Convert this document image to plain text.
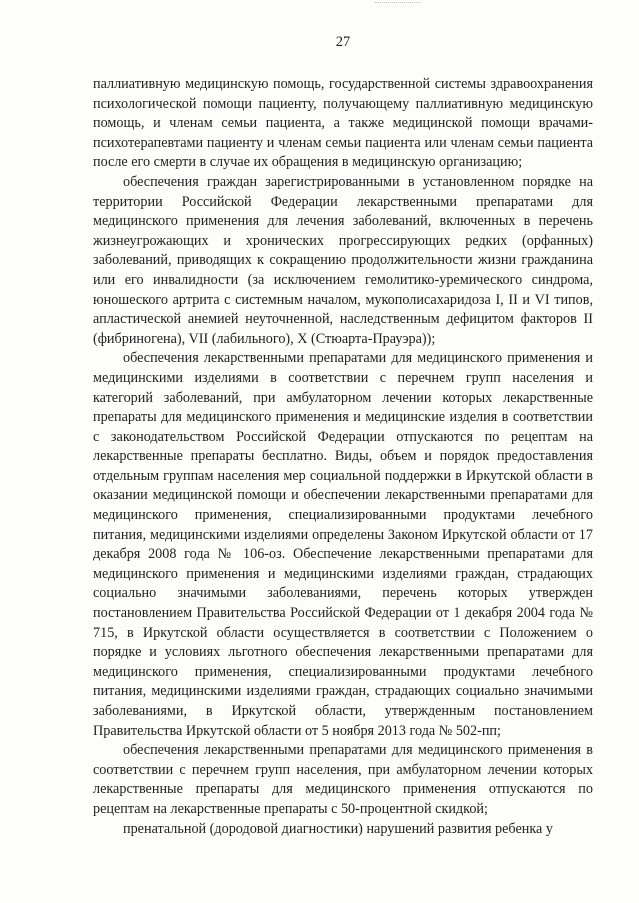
27

паллиативную медицинскую помощь, государственной системы здравоохранения психологической помощи пациенту, получающему паллиативную медицинскую помощь, и членам семьи пациента, а также медицинской помощи врачами-психотерапевтами пациенту и членам семьи пациента или членам семьи пациента после его смерти в случае их обращения в медицинскую организацию;

обеспечения граждан зарегистрированными в установленном порядке на территории Российской Федерации лекарственными препаратами для медицинского применения для лечения заболеваний, включенных в перечень жизнеугрожающих и хронических прогрессирующих редких (орфанных) заболеваний, приводящих к сокращению продолжительности жизни гражданина или его инвалидности (за исключением гемолитико-уремического синдрома, юношеского артрита с системным началом, мукополисахаридоза I, II и VI типов, апластической анемией неуточненной, наследственным дефицитом факторов II (фибриногена), VII (лабильного), X (Стюарта-Прауэра));

обеспечения лекарственными препаратами для медицинского применения и медицинскими изделиями в соответствии с перечнем групп населения и категорий заболеваний, при амбулаторном лечении которых лекарственные препараты для медицинского применения и медицинские изделия в соответствии с законодательством Российской Федерации отпускаются по рецептам на лекарственные препараты бесплатно. Виды, объем и порядок предоставления отдельным группам населения мер социальной поддержки в Иркутской области в оказании медицинской помощи и обеспечении лекарственными препаратами для медицинского применения, специализированными продуктами лечебного питания, медицинскими изделиями определены Законом Иркутской области от 17 декабря 2008 года № 106-оз. Обеспечение лекарственными препаратами для медицинского применения и медицинскими изделиями граждан, страдающих социально значимыми заболеваниями, перечень которых утвержден постановлением Правительства Российской Федерации от 1 декабря 2004 года № 715, в Иркутской области осуществляется в соответствии с Положением о порядке и условиях льготного обеспечения лекарственными препаратами для медицинского применения, специализированными продуктами лечебного питания, медицинскими изделиями граждан, страдающих социально значимыми заболеваниями, в Иркутской области, утвержденным постановлением Правительства Иркутской области от 5 ноября 2013 года № 502-пп;

обеспечения лекарственными препаратами для медицинского применения в соответствии с перечнем групп населения, при амбулаторном лечении которых лекарственные препараты для медицинского применения отпускаются по рецептам на лекарственные препараты с 50-процентной скидкой;

пренатальной (дородовой диагностики) нарушений развития ребенка у
